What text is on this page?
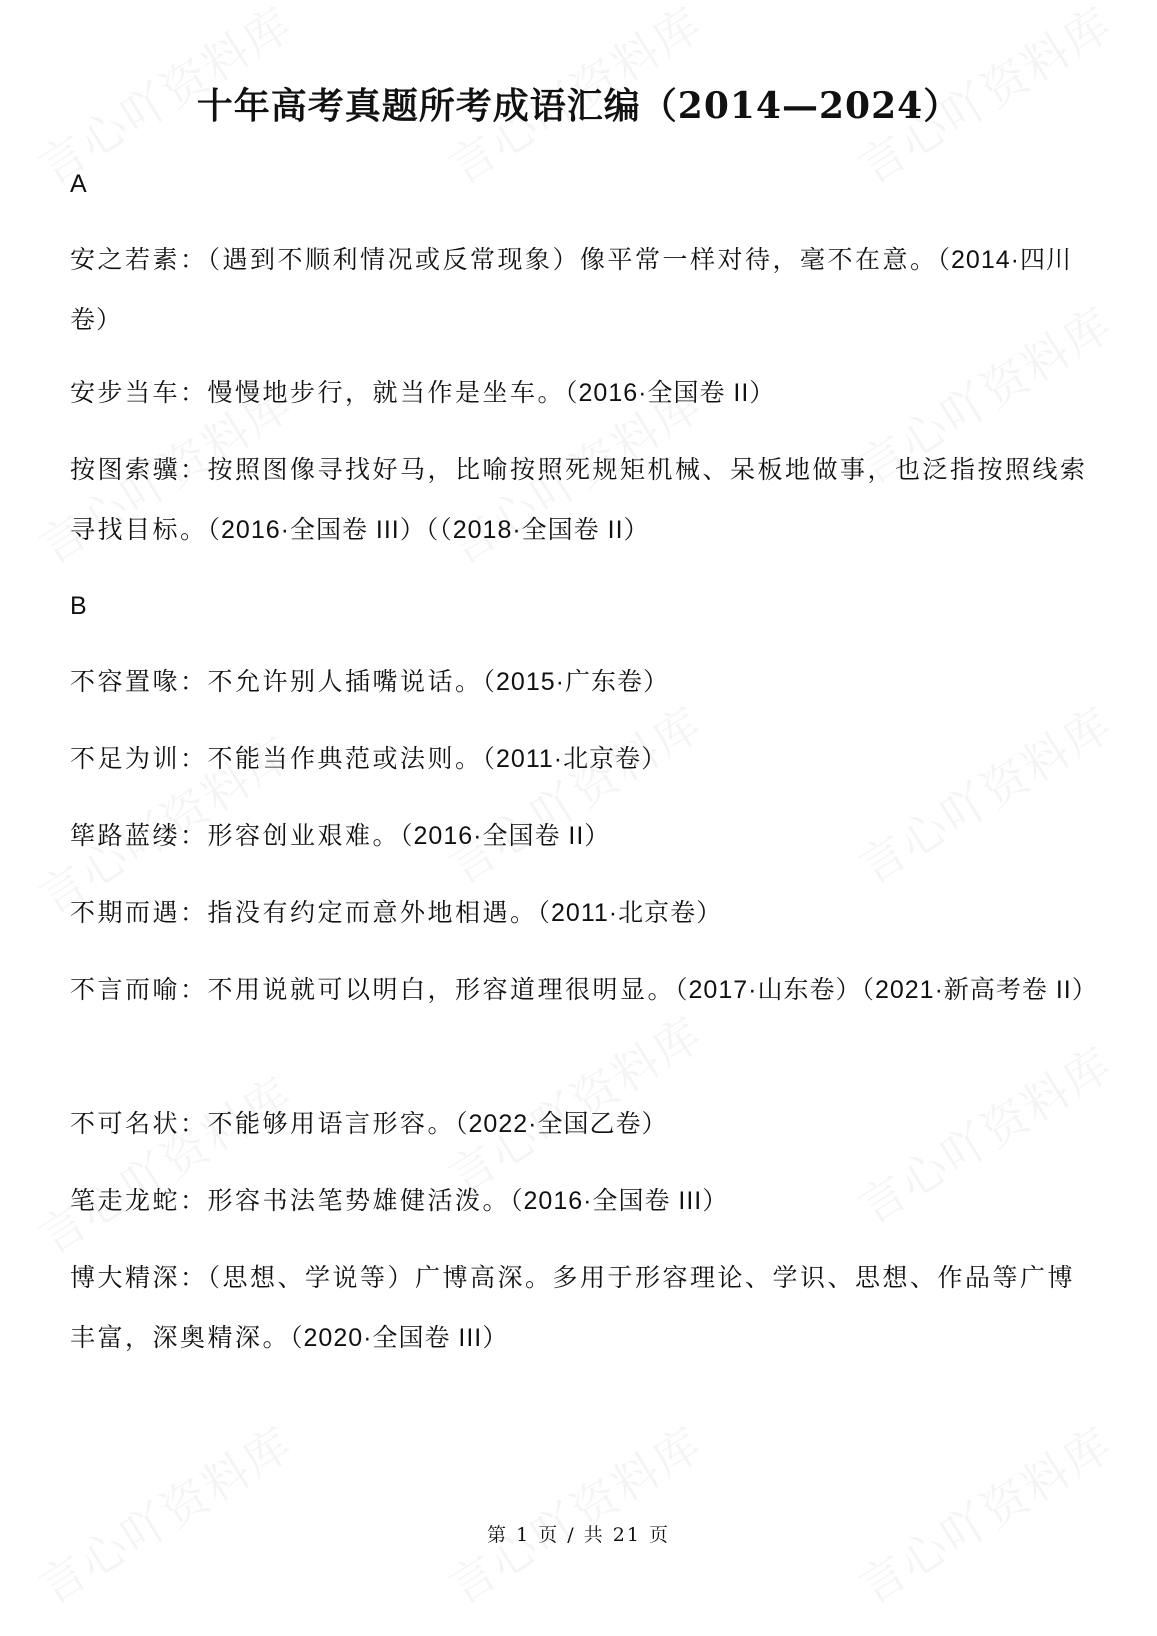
十年高考真题所考成语汇编（2014—2024）

A

安之若素：（遇到不顺利情况或反常现象）像平常一样对待，毫不在意。（2014·四川卷）

安步当车：慢慢地步行，就当作是坐车。（2016·全国卷 II）

按图索骥：按照图像寻找好马，比喻按照死规矩机械、呆板地做事，也泛指按照线索寻找目标。（2016·全国卷 III）（（2018·全国卷 II）

B

不容置喙：不允许别人插嘴说话。（2015·广东卷）

不足为训：不能当作典范或法则。（2011·北京卷）

筚路蓝缕：形容创业艰难。（2016·全国卷 II）

不期而遇：指没有约定而意外地相遇。（2011·北京卷）

不言而喻：不用说就可以明白，形容道理很明显。（2017·山东卷）（2021·新高考卷 II）

不可名状：不能够用语言形容。（2022·全国乙卷）

笔走龙蛇：形容书法笔势雄健活泼。（2016·全国卷 III）

博大精深：（思想、学说等）广博高深。多用于形容理论、学识、思想、作品等广博丰富，深奥精深。（2020·全国卷 III）

第 1 页 / 共 21 页
